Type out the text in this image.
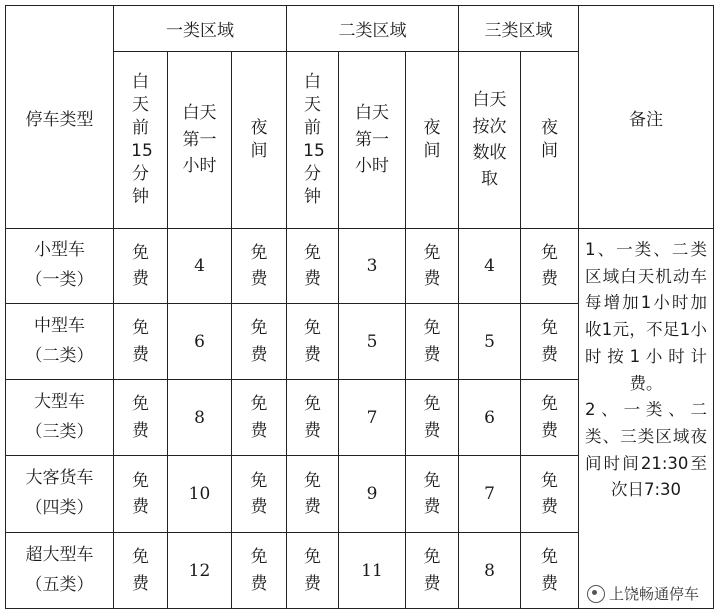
停车类型	一类区域			二类区域			三类区域		备注

	白天前15分钟	白天第一小时	夜间	白天前15分钟	白天第一小时	夜间	白天按次数收取	夜间	

小型车
（一类）	免费	4	免费	免费	3	免费	4	免费	1、一类、二类区域白天机动车每增加1小时加收1元，不足1小时按1小时计费。
2、一类、二类、三类区域夜间时间21:30至次日7:30

中型车
（二类）	免费	6	免费	免费	5	免费	5	免费	

大型车
（三类）	免费	8	免费	免费	7	免费	6	免费	

大客货车
（四类）	免费	10	免费	免费	9	免费	7	免费	

超大型车
（五类）	免费	12	免费	免费	11	免费	8	免费	
上饶畅通停车
